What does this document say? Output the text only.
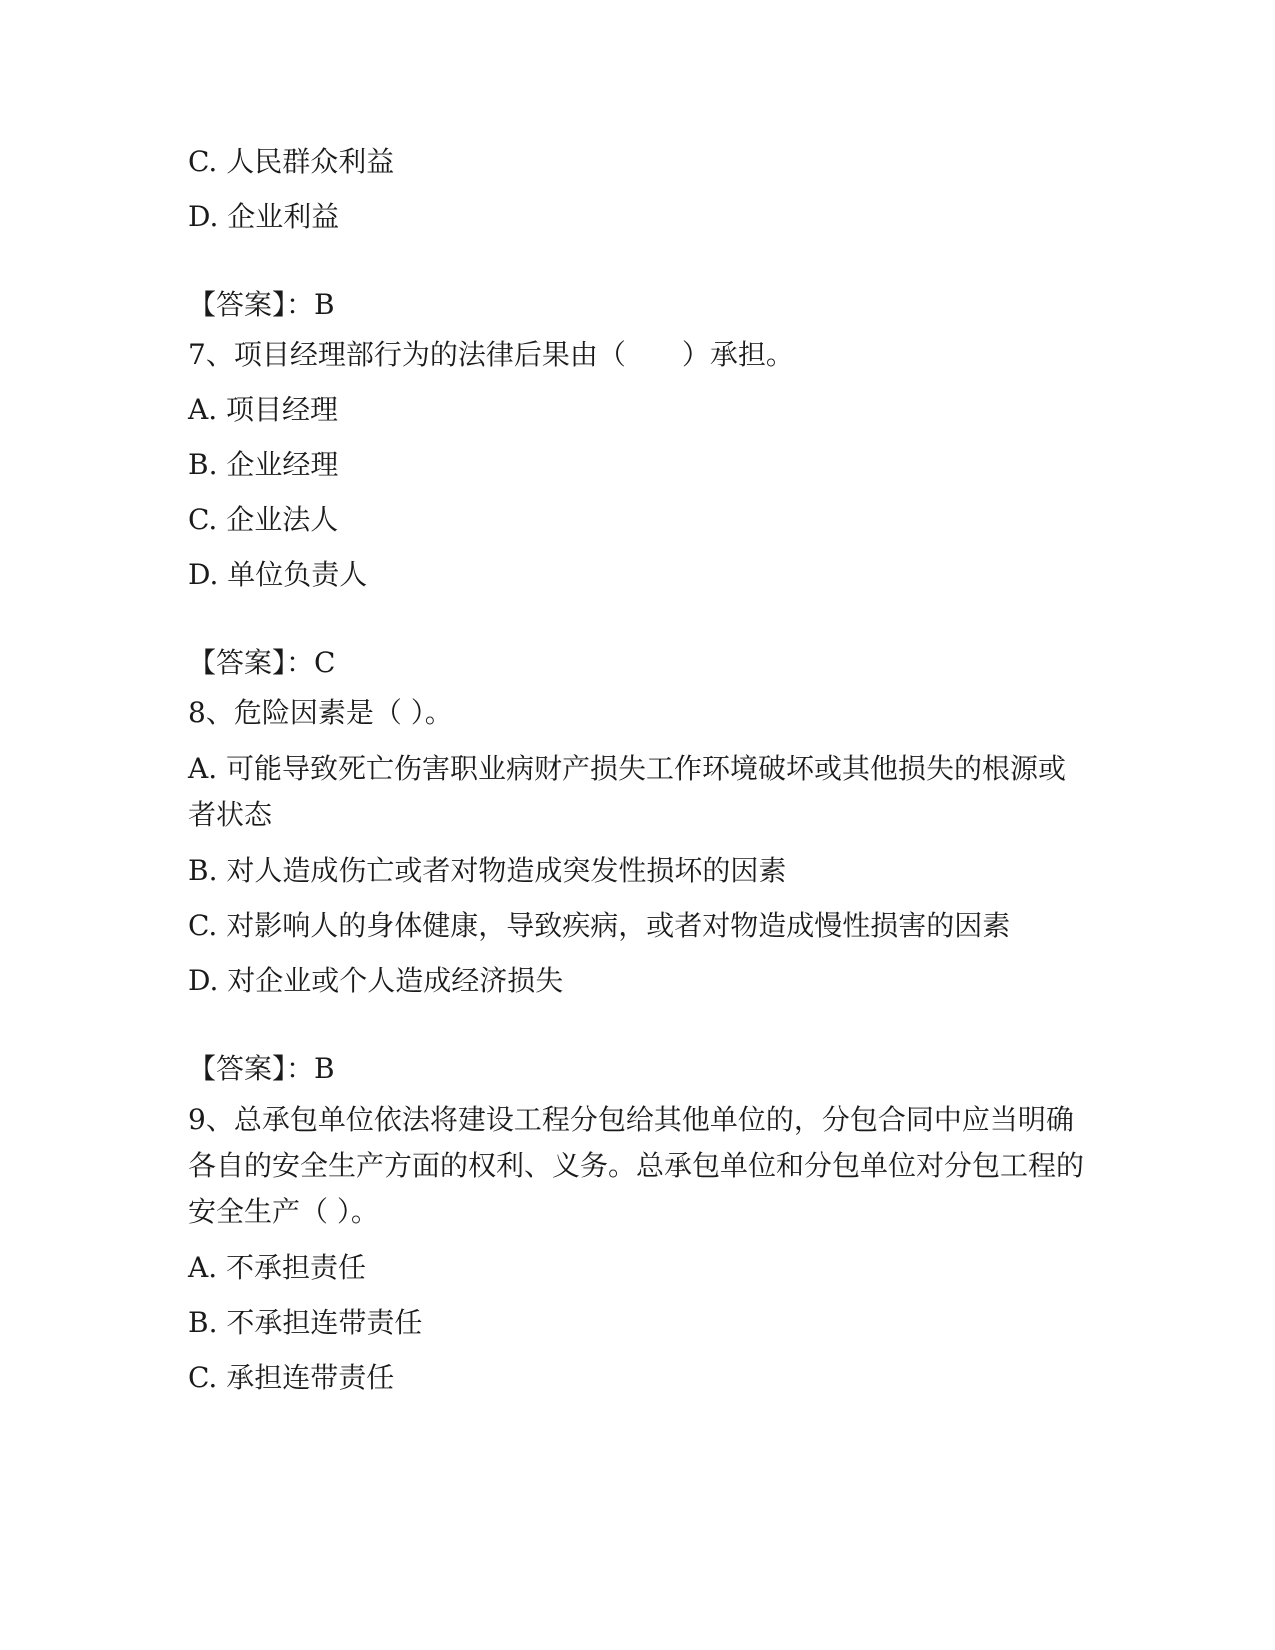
C. 人民群众利益

D. 企业利益

【答案】：B

7、项目经理部行为的法律后果由（　　）承担。

A. 项目经理

B. 企业经理

C. 企业法人

D. 单位负责人

【答案】：C

8、危险因素是（ ）。

A. 可能导致死亡伤害职业病财产损失工作环境破坏或其他损失的根源或者状态

B. 对人造成伤亡或者对物造成突发性损坏的因素

C. 对影响人的身体健康，导致疾病，或者对物造成慢性损害的因素

D. 对企业或个人造成经济损失

【答案】：B

9、总承包单位依法将建设工程分包给其他单位的，分包合同中应当明确各自的安全生产方面的权利、义务。总承包单位和分包单位对分包工程的安全生产（ ）。

A. 不承担责任

B. 不承担连带责任

C. 承担连带责任
